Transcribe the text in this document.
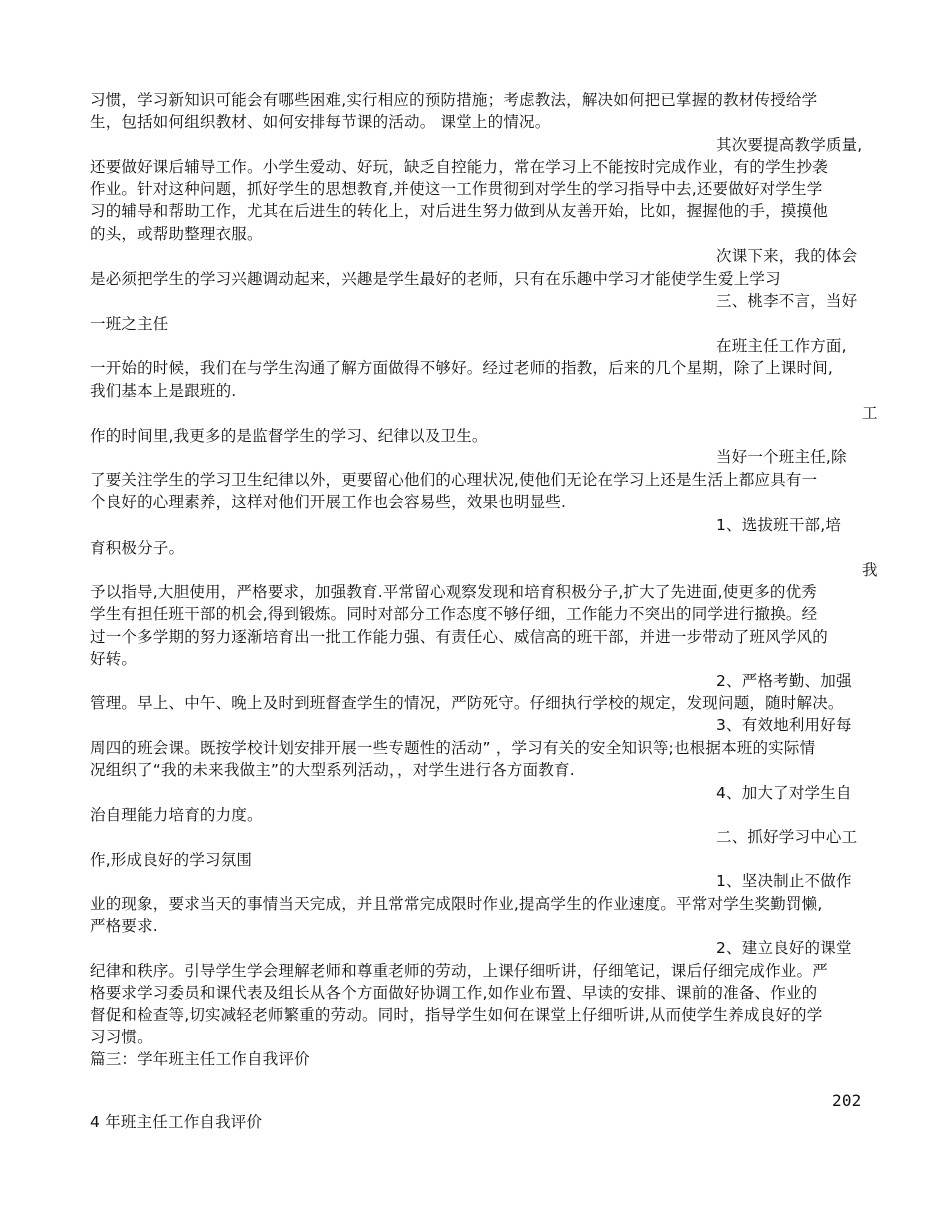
习惯，学习新知识可能会有哪些困难,实行相应的预防措施；考虑教法，解决如何把已掌握的教材传授给学
生，包括如何组织教材、如何安排每节课的活动。 课堂上的情况。
其次要提高教学质量,
还要做好课后辅导工作。小学生爱动、好玩，缺乏自控能力，常在学习上不能按时完成作业，有的学生抄袭
作业。针对这种问题，抓好学生的思想教育,并使这一工作贯彻到对学生的学习指导中去,还要做好对学生学
习的辅导和帮助工作，尤其在后进生的转化上，对后进生努力做到从友善开始，比如，握握他的手，摸摸他
的头，或帮助整理衣服。
次课下来，我的体会
是必须把学生的学习兴趣调动起来，兴趣是学生最好的老师，只有在乐趣中学习才能使学生爱上学习
三、桃李不言，当好
一班之主任
在班主任工作方面,
一开始的时候，我们在与学生沟通了解方面做得不够好。经过老师的指教，后来的几个星期，除了上课时间,
我们基本上是跟班的.
工
作的时间里,我更多的是监督学生的学习、纪律以及卫生。
当好一个班主任,除
了要关注学生的学习卫生纪律以外，更要留心他们的心理状况,使他们无论在学习上还是生活上都应具有一
个良好的心理素养，这样对他们开展工作也会容易些，效果也明显些.
1、选拔班干部,培
育积极分子。
我
予以指导,大胆使用，严格要求，加强教育.平常留心观察发现和培育积极分子,扩大了先进面,使更多的优秀
学生有担任班干部的机会,得到锻炼。同时对部分工作态度不够仔细，工作能力不突出的同学进行撤换。经
过一个多学期的努力逐渐培育出一批工作能力强、有责任心、威信高的班干部，并进一步带动了班风学风的
好转。
2、严格考勤、加强
管理。早上、中午、晚上及时到班督查学生的情况，严防死守。仔细执行学校的规定，发现问题，随时解决。
3、有效地利用好每
周四的班会课。既按学校计划安排开展一些专题性的活动” ，学习有关的安全知识等;也根据本班的实际情
况组织了“我的未来我做主”的大型系列活动，，对学生进行各方面教育.
4、加大了对学生自
治自理能力培育的力度。
二、抓好学习中心工
作,形成良好的学习氛围
1、坚决制止不做作
业的现象，要求当天的事情当天完成，并且常常完成限时作业,提高学生的作业速度。平常对学生奖勤罚懒,
严格要求.
2、建立良好的课堂
纪律和秩序。引导学生学会理解老师和尊重老师的劳动，上课仔细听讲，仔细笔记，课后仔细完成作业。严
格要求学习委员和课代表及组长从各个方面做好协调工作,如作业布置、早读的安排、课前的准备、作业的
督促和检查等,切实减轻老师繁重的劳动。同时，指导学生如何在课堂上仔细听讲,从而使学生养成良好的学
习习惯。
篇三：学年班主任工作自我评价
202
4 年班主任工作自我评价
